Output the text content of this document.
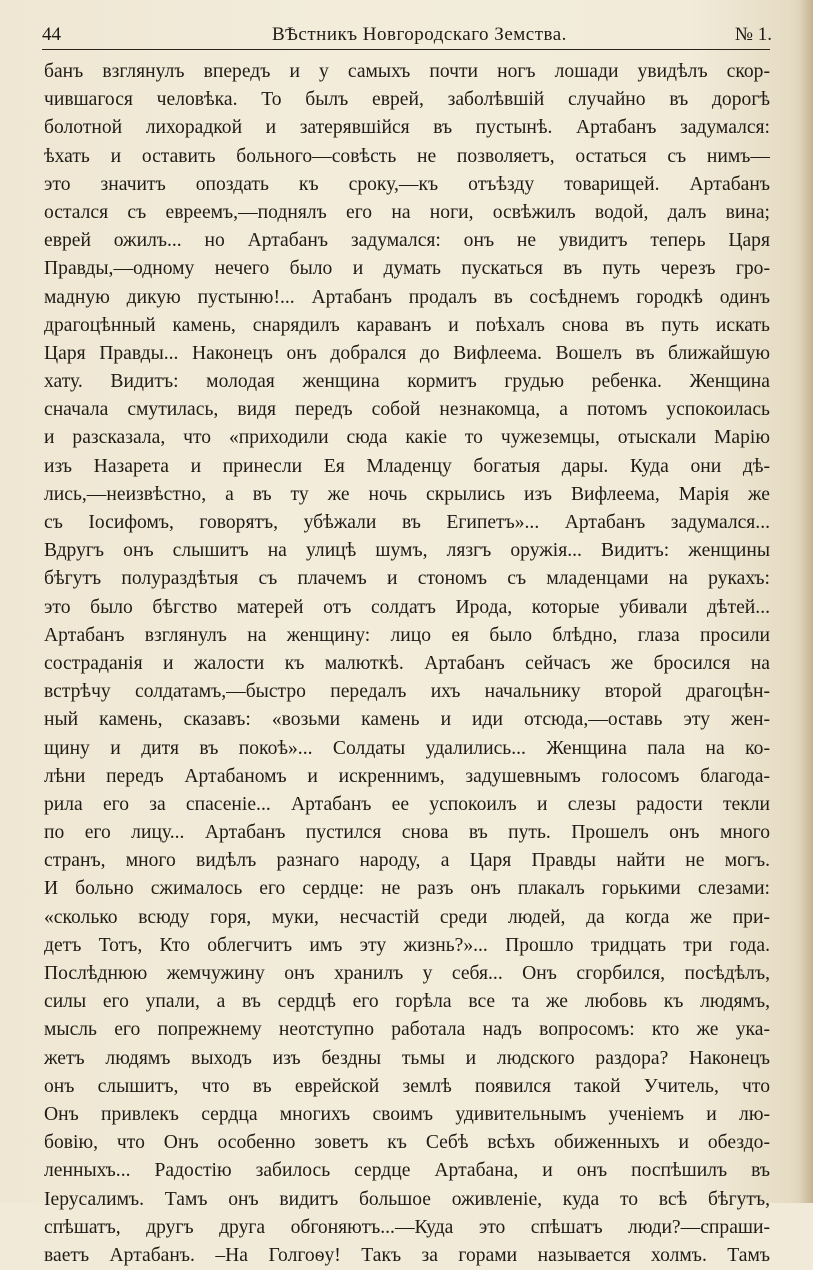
44	ВѢстникъ Новгородскаго Земства.	№ 1.
банъ взглянулъ впередъ и у самыхъ почти ногъ лошади увидѣлъ скор-
чившагося человѣка. То былъ еврей, заболѣвшій случайно въ дорогѣ
болотной лихорадкой и затерявшійся въ пустынѣ. Артабанъ задумался:
ѣхать и оставить больного—совѣсть не позволяетъ, остаться съ нимъ—
это значитъ опоздать къ сроку,—къ отъѣзду товарищей. Артабанъ
остался съ евреемъ,—поднялъ его на ноги, освѣжилъ водой, далъ вина;
еврей ожилъ... но Артабанъ задумался: онъ не увидитъ теперь Царя
Правды,—одному нечего было и думать пускаться въ путь черезъ гро-
мадную дикую пустыню!... Артабанъ продалъ въ сосѣднемъ городкѣ одинъ
драгоцѣнный камень, снарядилъ караванъ и поѣхалъ снова въ путь искать
Царя Правды... Наконецъ онъ добрался до Вифлеема. Вошелъ въ ближайшую
хату. Видитъ: молодая женщина кормитъ грудью ребенка. Женщина
сначала смутилась, видя передъ собой незнакомца, а потомъ успокоилась
и разсказала, что «приходили сюда какіе то чужеземцы, отыскали Марію
изъ Назарета и принесли Ея Младенцу богатыя дары. Куда они дѣ-
лись,—неизвѣстно, а въ ту же ночь скрылись изъ Вифлеема, Марія же
съ Іосифомъ, говорятъ, убѣжали въ Египетъ»... Артабанъ задумался...
Вдругъ онъ слышитъ на улицѣ шумъ, лязгъ оружія... Видитъ: женщины
бѣгутъ полураздѣтыя съ плачемъ и стономъ съ младенцами на рукахъ:
это было бѣгство матерей отъ солдатъ Ирода, которые убивали дѣтей...
Артабанъ взглянулъ на женщину: лицо ея было блѣдно, глаза просили
состраданія и жалости къ малюткѣ. Артабанъ сейчасъ же бросился на
встрѣчу солдатамъ,—быстро передалъ ихъ начальнику второй драгоцѣн-
ный камень, сказавъ: «возьми камень и иди отсюда,—оставь эту жен-
щину и дитя въ покоѣ»... Солдаты удалились... Женщина пала на ко-
лѣни передъ Артабаномъ и искреннимъ, задушевнымъ голосомъ благода-
рила его за спасеніе... Артабанъ ее успокоилъ и слезы радости текли
по его лицу... Артабанъ пустился снова въ путь. Прошелъ онъ много
странъ, много видѣлъ разнаго народу, а Царя Правды найти не могъ.
И больно сжималось его сердце: не разъ онъ плакалъ горькими слезами:
«сколько всюду горя, муки, несчастій среди людей, да когда же при-
детъ Тотъ, Кто облегчитъ имъ эту жизнь?»... Прошло тридцать три года.
Послѣднюю жемчужину онъ хранилъ у себя... Онъ сгорбился, посѣдѣлъ,
силы его упали, а въ сердцѣ его горѣла все та же любовь къ людямъ,
мысль его попрежнему неотступно работала надъ вопросомъ: кто же ука-
жетъ людямъ выходъ изъ бездны тьмы и людского раздора? Наконецъ
онъ слышитъ, что въ еврейской землѣ появился такой Учитель, что
Онъ привлекъ сердца многихъ своимъ удивительнымъ ученіемъ и лю-
бовію, что Онъ особенно зоветъ къ Себѣ всѣхъ обиженныхъ и обездо-
ленныхъ... Радостію забилось сердце Артабана, и онъ поспѣшилъ въ
Іерусалимъ. Тамъ онъ видитъ большое оживленіе, куда то всѣ бѣгутъ,
спѣшатъ, другъ друга обгоняютъ...—Куда это спѣшатъ люди?—спраши-
ваетъ Артабанъ. –На Голгоѳу! Такъ за горами называется холмъ. Тамъ
